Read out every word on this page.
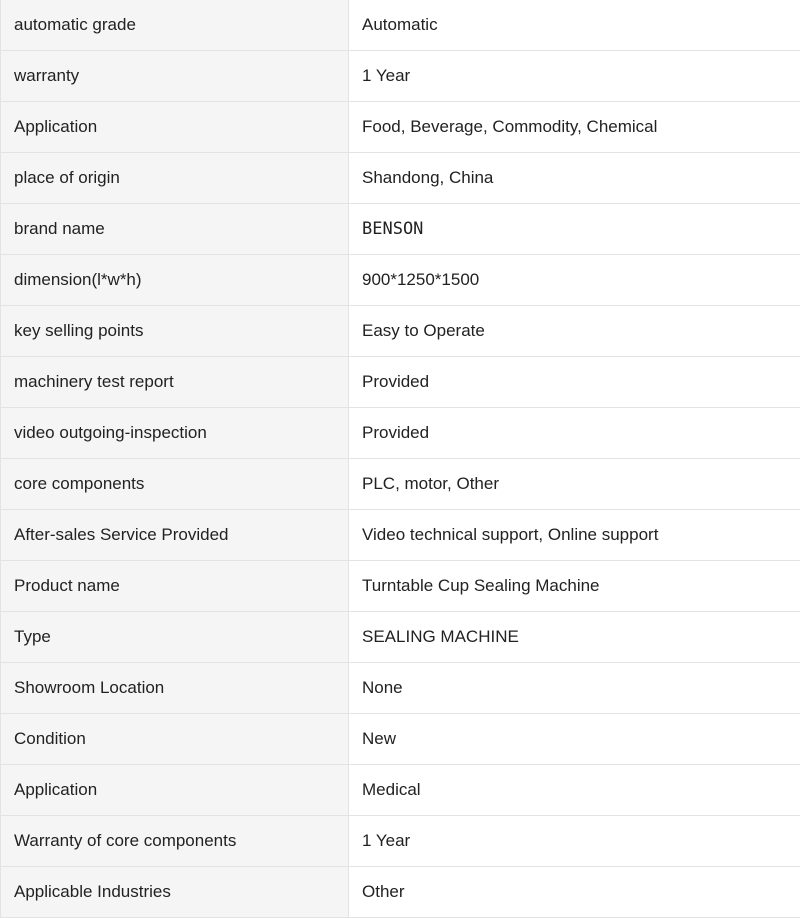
automatic grade	Automatic
warranty	1 Year
Application	Food, Beverage, Commodity, Chemical
place of origin	Shandong, China
brand name	BENSON
dimension(l*w*h)	900*1250*1500
key selling points	Easy to Operate
machinery test report	Provided
video outgoing-inspection	Provided
core components	PLC, motor, Other
After-sales Service Provided	Video technical support, Online support
Product name	Turntable Cup Sealing Machine
Type	SEALING MACHINE
Showroom Location	None
Condition	New
Application	Medical
Warranty of core components	1 Year
Applicable Industries	Other
